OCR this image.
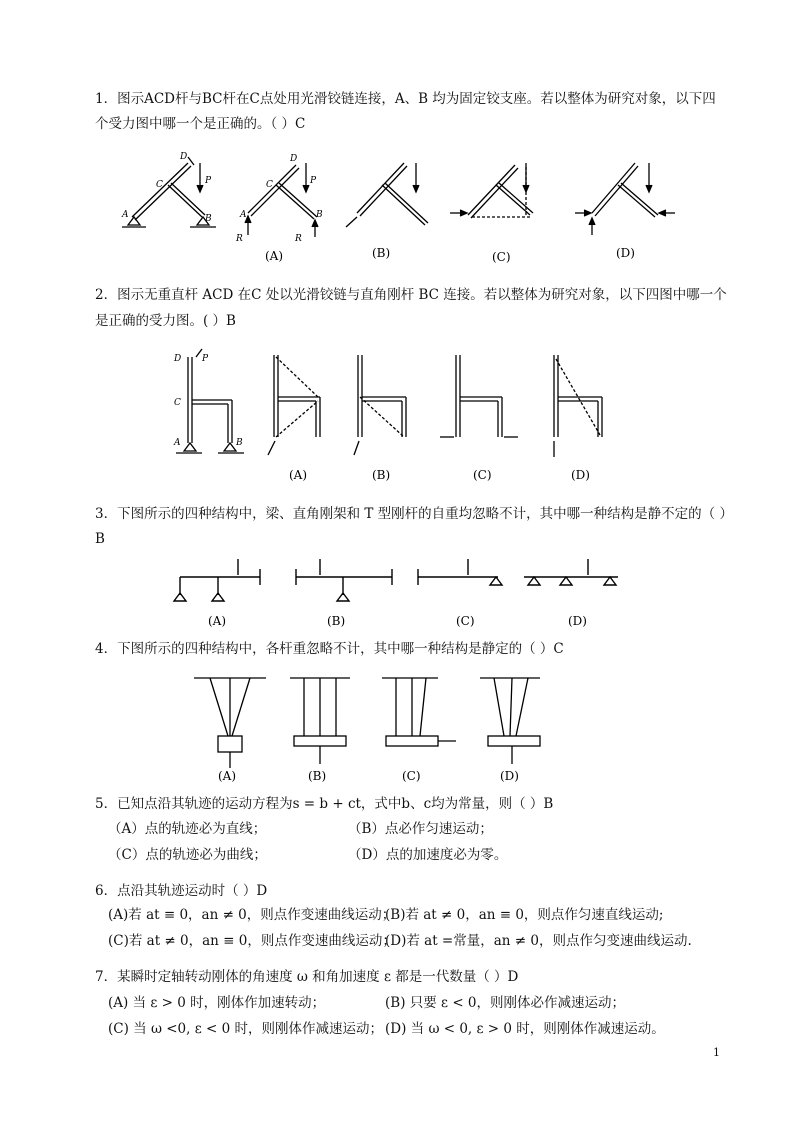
1．图示ACD杆与BC杆在C点处用光滑铰链连接，A、B 均为固定铰支座。若以整体为研究对象，以下四
个受力图中哪一个是正确的。（ ）C
D
C	P
A	B
D
C	P
A	B
R	R
(A)	(B)	(C)	(D)
2．图示无重直杆 ACD 在C 处以光滑铰链与直角刚杆 BC 连接。若以整体为研究对象，以下四图中哪一个
是正确的受力图。( ）B
D P
C
A	B
(A)	(B)	(C)	(D)
3．下图所示的四种结构中，梁、直角刚架和 T 型刚杆的自重均忽略不计，其中哪一种结构是静不定的（ ）
B
(A)	(B)	(C)	(D)
4．下图所示的四种结构中，各杆重忽略不计，其中哪一种结构是静定的（ ）C
(A)	(B)	(C)	(D)
5．已知点沿其轨迹的运动方程为s = b + ct，式中b、c均为常量，则（ ）B
（A）点的轨迹必为直线；	（B）点必作匀速运动；
（C）点的轨迹必为曲线；	（D）点的加速度必为零。
6．点沿其轨迹运动时（ ）D
(A)若 at ≡ 0，an ≠ 0，则点作变速曲线运动；
(B)若 at ≠ 0，an ≡ 0，则点作匀速直线运动;
(C)若 at ≠ 0，an ≡ 0，则点作变速曲线运动；
(D)若 at =常量，an ≠ 0，则点作匀变速曲线运动.
7．某瞬时定轴转动刚体的角速度 ω 和角加速度 ε 都是一代数量（ ）D
(A) 当 ε > 0 时，刚体作加速转动；	(B) 只要 ε < 0，则刚体必作减速运动；
(C) 当 ω <0, ε < 0 时，则刚体作减速运动； (D) 当 ω < 0, ε > 0 时，则刚体作减速运动。
1
